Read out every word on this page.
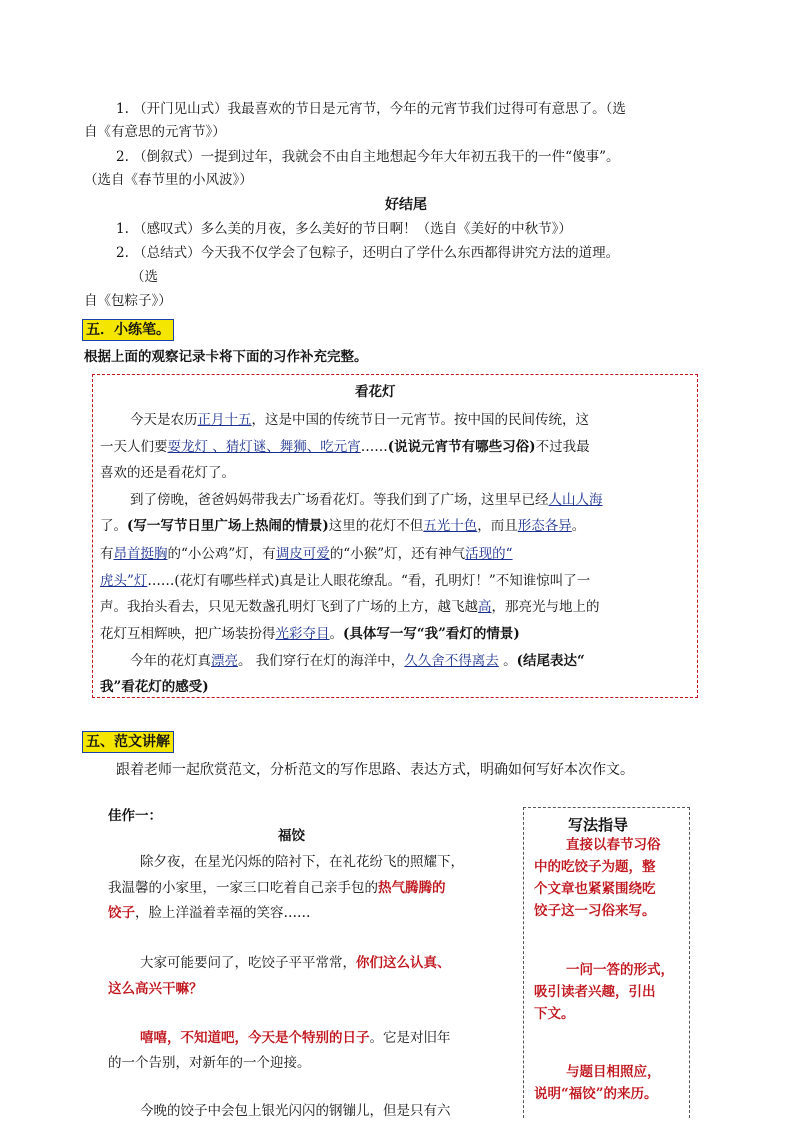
1. （开门见山式）我最喜欢的节日是元宵节，今年的元宵节我们过得可有意思了。（选
自《有意思的元宵节》）
2. （倒叙式）一提到过年，我就会不由自主地想起今年大年初五我干的一件“傻事”。
（选自《春节里的小风波》）
好结尾
1. （感叹式）多么美的月夜，多么美好的节日啊！（选自《美好的中秋节》）
2. （总结式）今天我不仅学会了包粽子，还明白了学什么东西都得讲究方法的道理。
（选
自《包粽子》）
五．小练笔。
根据上面的观察记录卡将下面的习作补充完整。
看花灯
今天是农历正月十五，这是中国的传统节日一元宵节。按中国的民间传统，这
一天人们要耍龙灯 、猜灯谜、舞狮、吃元宵……(说说元宵节有哪些习俗)不过我最
喜欢的还是看花灯了。
到了傍晚，爸爸妈妈带我去广场看花灯。等我们到了广场，这里早已经人山人海
了。(写一写节日里广场上热闹的情景)这里的花灯不但五光十色，而且形态各异。
有昂首挺胸的“小公鸡”灯，有调皮可爱的“小猴”灯，还有神气活现的“
虎头”灯……(花灯有哪些样式)真是让人眼花缭乱。“看，孔明灯！”不知谁惊叫了一
声。我抬头看去，只见无数盏孔明灯飞到了广场的上方，越飞越高，那亮光与地上的
花灯互相辉映，把广场装扮得光彩夺目。(具体写一写“我”看灯的情景)
今年的花灯真漂亮。 我们穿行在灯的海洋中，久久舍不得离去 。(结尾表达“
我”看花灯的感受)
五、范文讲解
跟着老师一起欣赏范文，分析范文的写作思路、表达方式，明确如何写好本次作文。
佳作一：
福饺
除夕夜，在星光闪烁的陪衬下，在礼花纷飞的照耀下，
我温馨的小家里，一家三口吃着自己亲手包的热气腾腾的
饺子，脸上洋溢着幸福的笑容……
大家可能要问了，吃饺子平平常常，你们这么认真、
这么高兴干嘛？
嘻嘻，不知道吧，今天是个特别的日子。它是对旧年
的一个告别，对新年的一个迎接。
今晚的饺子中会包上银光闪闪的钢镚儿，但是只有六
写法指导
直接以春节习俗
中的吃饺子为题，整
个文章也紧紧围绕吃
饺子这一习俗来写。
一问一答的形式，
吸引读者兴趣，引出
下文。
与题目相照应，
说明“福饺”的来历。
